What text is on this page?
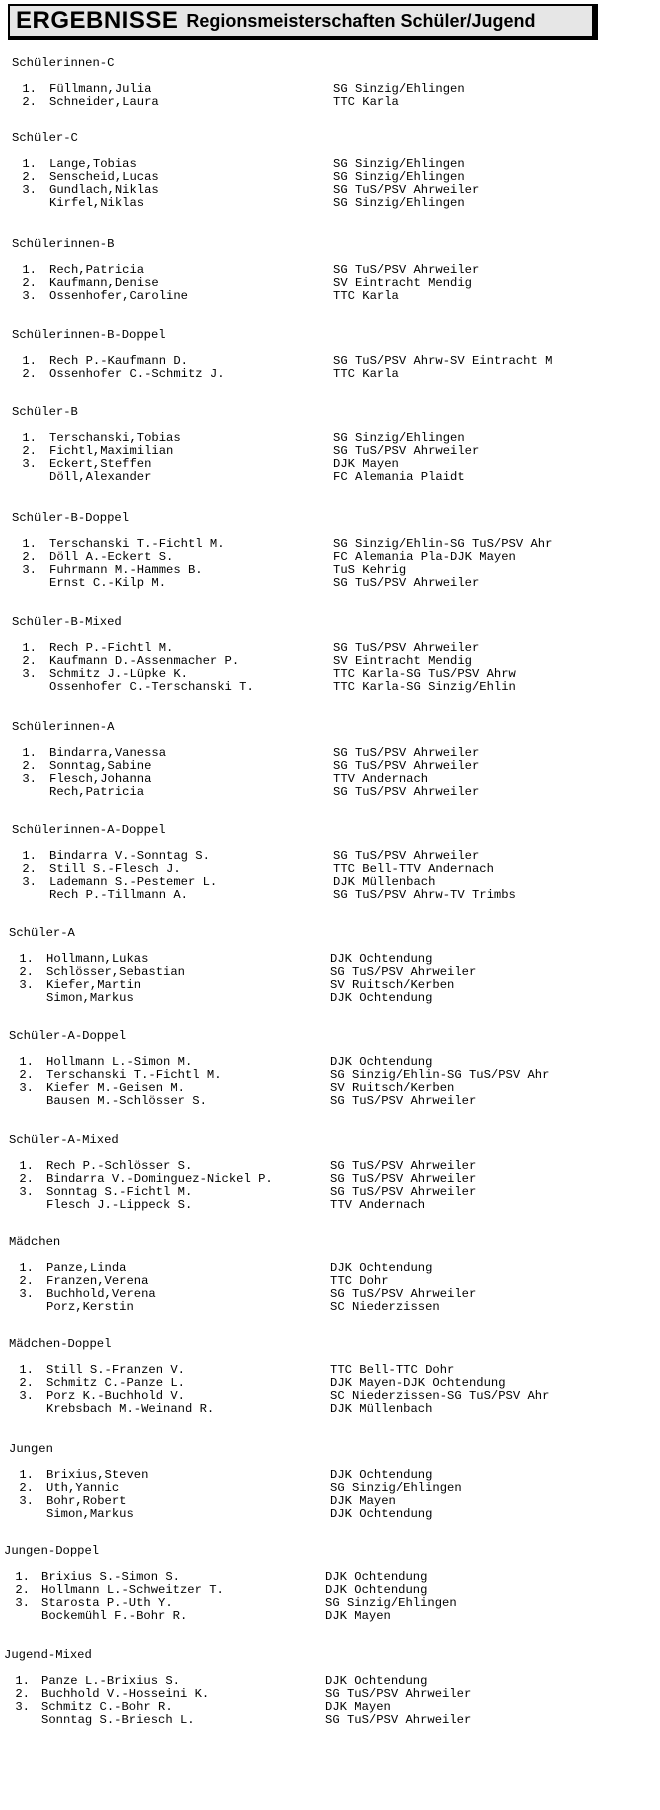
ERGEBNISSE Regionsmeisterschaften Schüler/Jugend
Schülerinnen-C
1. Füllmann,Julia	SG Sinzig/Ehlingen
2. Schneider,Laura	TTC Karla
Schüler-C
1. Lange,Tobias	SG Sinzig/Ehlingen
2. Senscheid,Lucas	SG Sinzig/Ehlingen
3. Gundlach,Niklas	SG TuS/PSV Ahrweiler
Kirfel,Niklas	SG Sinzig/Ehlingen
Schülerinnen-B
1. Rech,Patricia	SG TuS/PSV Ahrweiler
2. Kaufmann,Denise	SV Eintracht Mendig
3. Ossenhofer,Caroline	TTC Karla
Schülerinnen-B-Doppel
1. Rech P.-Kaufmann D.	SG TuS/PSV Ahrw-SV Eintracht M
2. Ossenhofer C.-Schmitz J.	TTC Karla
Schüler-B
1. Terschanski,Tobias	SG Sinzig/Ehlingen
2. Fichtl,Maximilian	SG TuS/PSV Ahrweiler
3. Eckert,Steffen	DJK Mayen
Döll,Alexander	FC Alemania Plaidt
Schüler-B-Doppel
1. Terschanski T.-Fichtl M.	SG Sinzig/Ehlin-SG TuS/PSV Ahr
2. Döll A.-Eckert S.	FC Alemania Pla-DJK Mayen
3. Fuhrmann M.-Hammes B.	TuS Kehrig
Ernst C.-Kilp M.	SG TuS/PSV Ahrweiler
Schüler-B-Mixed
1. Rech P.-Fichtl M.	SG TuS/PSV Ahrweiler
2. Kaufmann D.-Assenmacher P.	SV Eintracht Mendig
3. Schmitz J.-Lüpke K.	TTC Karla-SG TuS/PSV Ahrw
Ossenhofer C.-Terschanski T.	TTC Karla-SG Sinzig/Ehlin
Schülerinnen-A
1. Bindarra,Vanessa	SG TuS/PSV Ahrweiler
2. Sonntag,Sabine	SG TuS/PSV Ahrweiler
3. Flesch,Johanna	TTV Andernach
Rech,Patricia	SG TuS/PSV Ahrweiler
Schülerinnen-A-Doppel
1. Bindarra V.-Sonntag S.	SG TuS/PSV Ahrweiler
2. Still S.-Flesch J.	TTC Bell-TTV Andernach
3. Lademann S.-Pestemer L.	DJK Müllenbach
Rech P.-Tillmann A.	SG TuS/PSV Ahrw-TV Trimbs
Schüler-A
1. Hollmann,Lukas	DJK Ochtendung
2. Schlösser,Sebastian	SG TuS/PSV Ahrweiler
3. Kiefer,Martin	SV Ruitsch/Kerben
Simon,Markus	DJK Ochtendung
Schüler-A-Doppel
1. Hollmann L.-Simon M.	DJK Ochtendung
2. Terschanski T.-Fichtl M.	SG Sinzig/Ehlin-SG TuS/PSV Ahr
3. Kiefer M.-Geisen M.	SV Ruitsch/Kerben
Bausen M.-Schlösser S.	SG TuS/PSV Ahrweiler
Schüler-A-Mixed
1. Rech P.-Schlösser S.	SG TuS/PSV Ahrweiler
2. Bindarra V.-Dominguez-Nickel P.	SG TuS/PSV Ahrweiler
3. Sonntag S.-Fichtl M.	SG TuS/PSV Ahrweiler
Flesch J.-Lippeck S.	TTV Andernach
Mädchen
1. Panze,Linda	DJK Ochtendung
2. Franzen,Verena	TTC Dohr
3. Buchhold,Verena	SG TuS/PSV Ahrweiler
Porz,Kerstin	SC Niederzissen
Mädchen-Doppel
1. Still S.-Franzen V.	TTC Bell-TTC Dohr
2. Schmitz C.-Panze L.	DJK Mayen-DJK Ochtendung
3. Porz K.-Buchhold V.	SC Niederzissen-SG TuS/PSV Ahr
Krebsbach M.-Weinand R.	DJK Müllenbach
Jungen
1. Brixius,Steven	DJK Ochtendung
2. Uth,Yannic	SG Sinzig/Ehlingen
3. Bohr,Robert	DJK Mayen
Simon,Markus	DJK Ochtendung
Jungen-Doppel
1. Brixius S.-Simon S.	DJK Ochtendung
2. Hollmann L.-Schweitzer T.	DJK Ochtendung
3. Starosta P.-Uth Y.	SG Sinzig/Ehlingen
Bockemühl F.-Bohr R.	DJK Mayen
Jugend-Mixed
1. Panze L.-Brixius S.	DJK Ochtendung
2. Buchhold V.-Hosseini K.	SG TuS/PSV Ahrweiler
3. Schmitz C.-Bohr R.	DJK Mayen
Sonntag S.-Briesch L.	SG TuS/PSV Ahrweiler
